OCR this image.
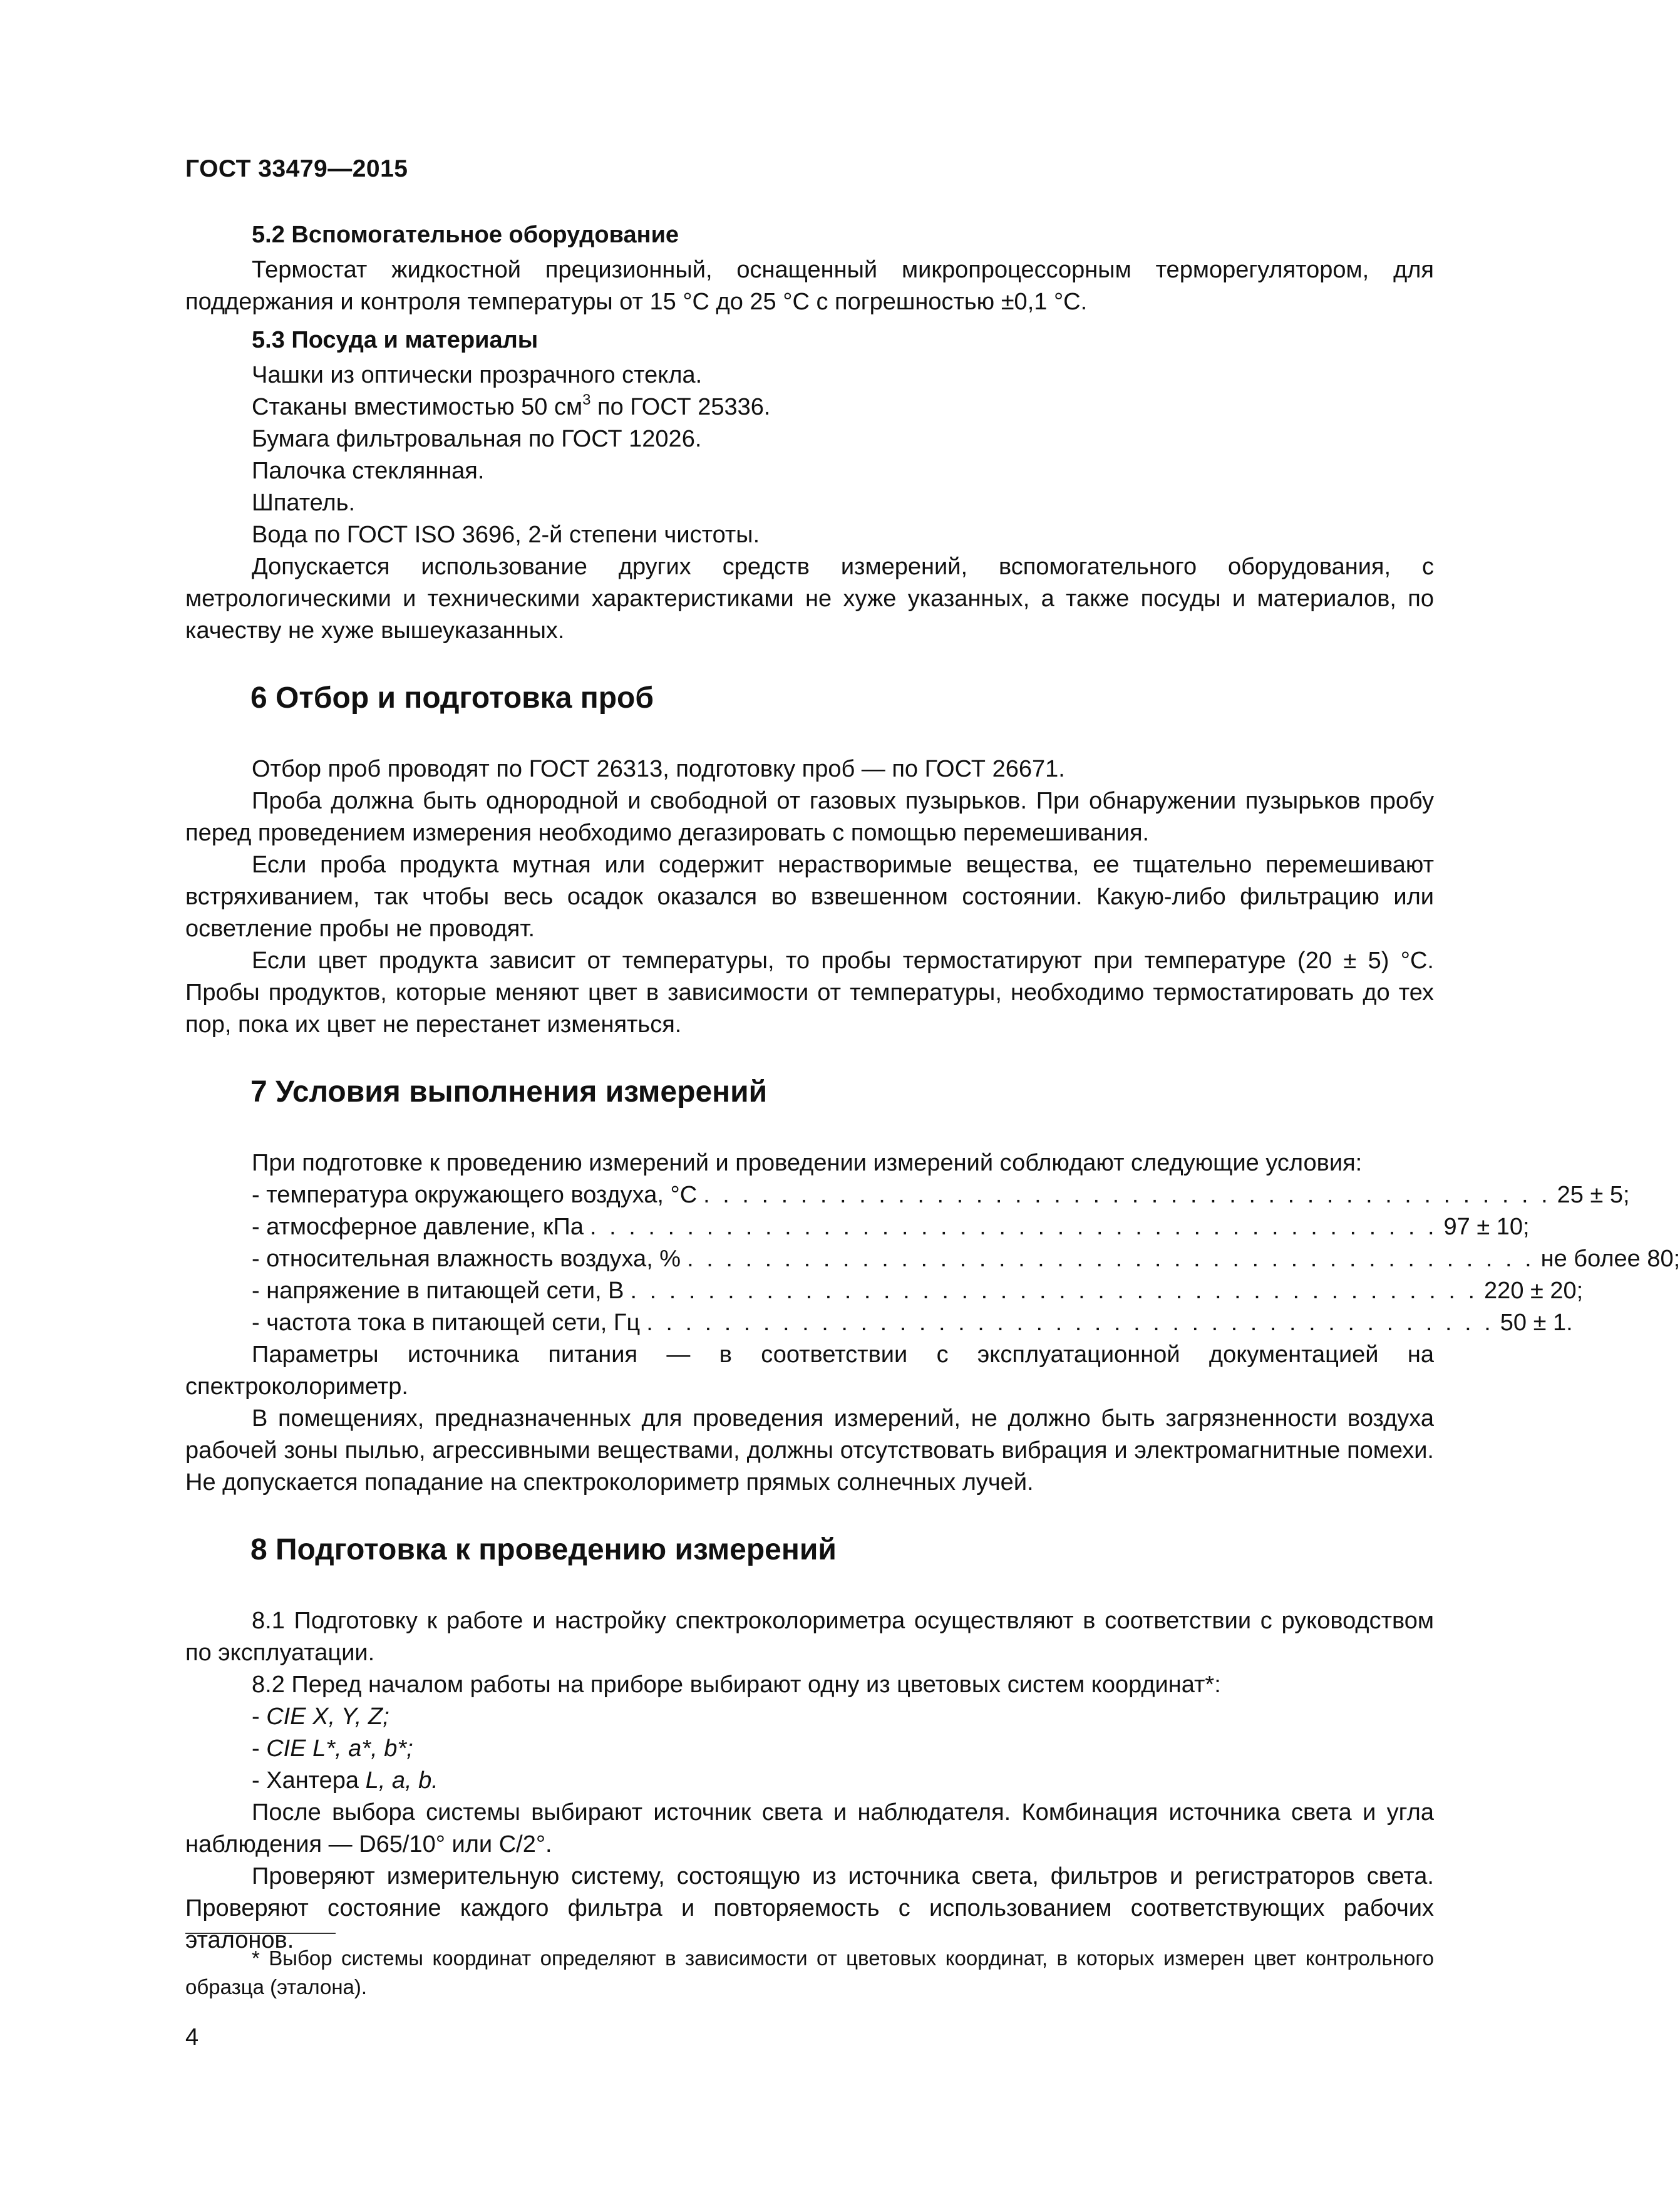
ГОСТ 33479—2015
5.2 Вспомогательное оборудование

Термостат жидкостной прецизионный, оснащенный микропроцессорным терморегулятором, для поддержания и контроля температуры от 15 °С до 25 °С с погрешностью ±0,1 °С.

5.3 Посуда и материалы
Чашки из оптически прозрачного стекла.
Стаканы вместимостью 50 $см^3$ по ГОСТ 25336.
Бумага фильтровальная по ГОСТ 12026.
Палочка стеклянная.
Шпатель.
Вода по ГОСТ ISO 3696, 2-й степени чистоты.

Допускается использование других средств измерений, вспомогательного оборудования, с метрологическими и техническими характеристиками не хуже указанных, а также посуды и материалов, по качеству не хуже вышеуказанных.

6 Отбор и подготовка проб

Отбор проб проводят по ГОСТ 26313, подготовку проб — по ГОСТ 26671.

Проба должна быть однородной и свободной от газовых пузырьков. При обнаружении пузырьков пробу перед проведением измерения необходимо дегазировать с помощью перемешивания.

Если проба продукта мутная или содержит нерастворимые вещества, ее тщательно перемешивают встряхиванием, так чтобы весь осадок оказался во взвешенном состоянии. Какую-либо фильтрацию или осветление пробы не проводят.

Если цвет продукта зависит от температуры, то пробы термостатируют при температуре (20 ± 5) °С. Пробы продуктов, которые меняют цвет в зависимости от температуры, необходимо термостатировать до тех пор, пока их цвет не перестанет изменяться.

7 Условия выполнения измерений

При подготовке к проведению измерений и проведении измерений соблюдают следующие условия:

- температура окружающего воздуха, °С . . . . . . . . . . . . . . . . . . . . . . . . . . . . . . . . . . . . . . . . . . . . 25 ± 5;
- атмосферное давление, кПа . . . . . . . . . . . . . . . . . . . . . . . . . . . . . . . . . . . . . . . . . . . . 97 ± 10;
- относительная влажность воздуха, % . . . . . . . . . . . . . . . . . . . . . . . . . . . . . . . . . . . . . . . . . . . . не более 80;
- напряжение в питающей сети, В . . . . . . . . . . . . . . . . . . . . . . . . . . . . . . . . . . . . . . . . . . . . 220 ± 20;
- частота тока в питающей сети, Гц . . . . . . . . . . . . . . . . . . . . . . . . . . . . . . . . . . . . . . . . . . . . 50 ± 1.

Параметры источника питания — в соответствии с эксплуатационной документацией на спектроколориметр.

В помещениях, предназначенных для проведения измерений, не должно быть загрязненности воздуха рабочей зоны пылью, агрессивными веществами, должны отсутствовать вибрация и электромагнитные помехи. Не допускается попадание на спектроколориметр прямых солнечных лучей.

8 Подготовка к проведению измерений

8.1 Подготовку к работе и настройку спектроколориметра осуществляют в соответствии с руководством по эксплуатации.

8.2 Перед началом работы на приборе выбирают одну из цветовых систем координат*:

- CIE X, Y, Z;
- CIE L*, a*, b*;
- Хантера L, a, b.

После выбора системы выбирают источник света и наблюдателя. Комбинация источника света и угла наблюдения — D65/10° или C/2°.

Проверяют измерительную систему, состоящую из источника света, фильтров и регистраторов света. Проверяют состояние каждого фильтра и повторяемость с использованием соответствующих рабочих эталонов.

* Выбор системы координат определяют в зависимости от цветовых координат, в которых измерен цвет контрольного образца (эталона).
4
